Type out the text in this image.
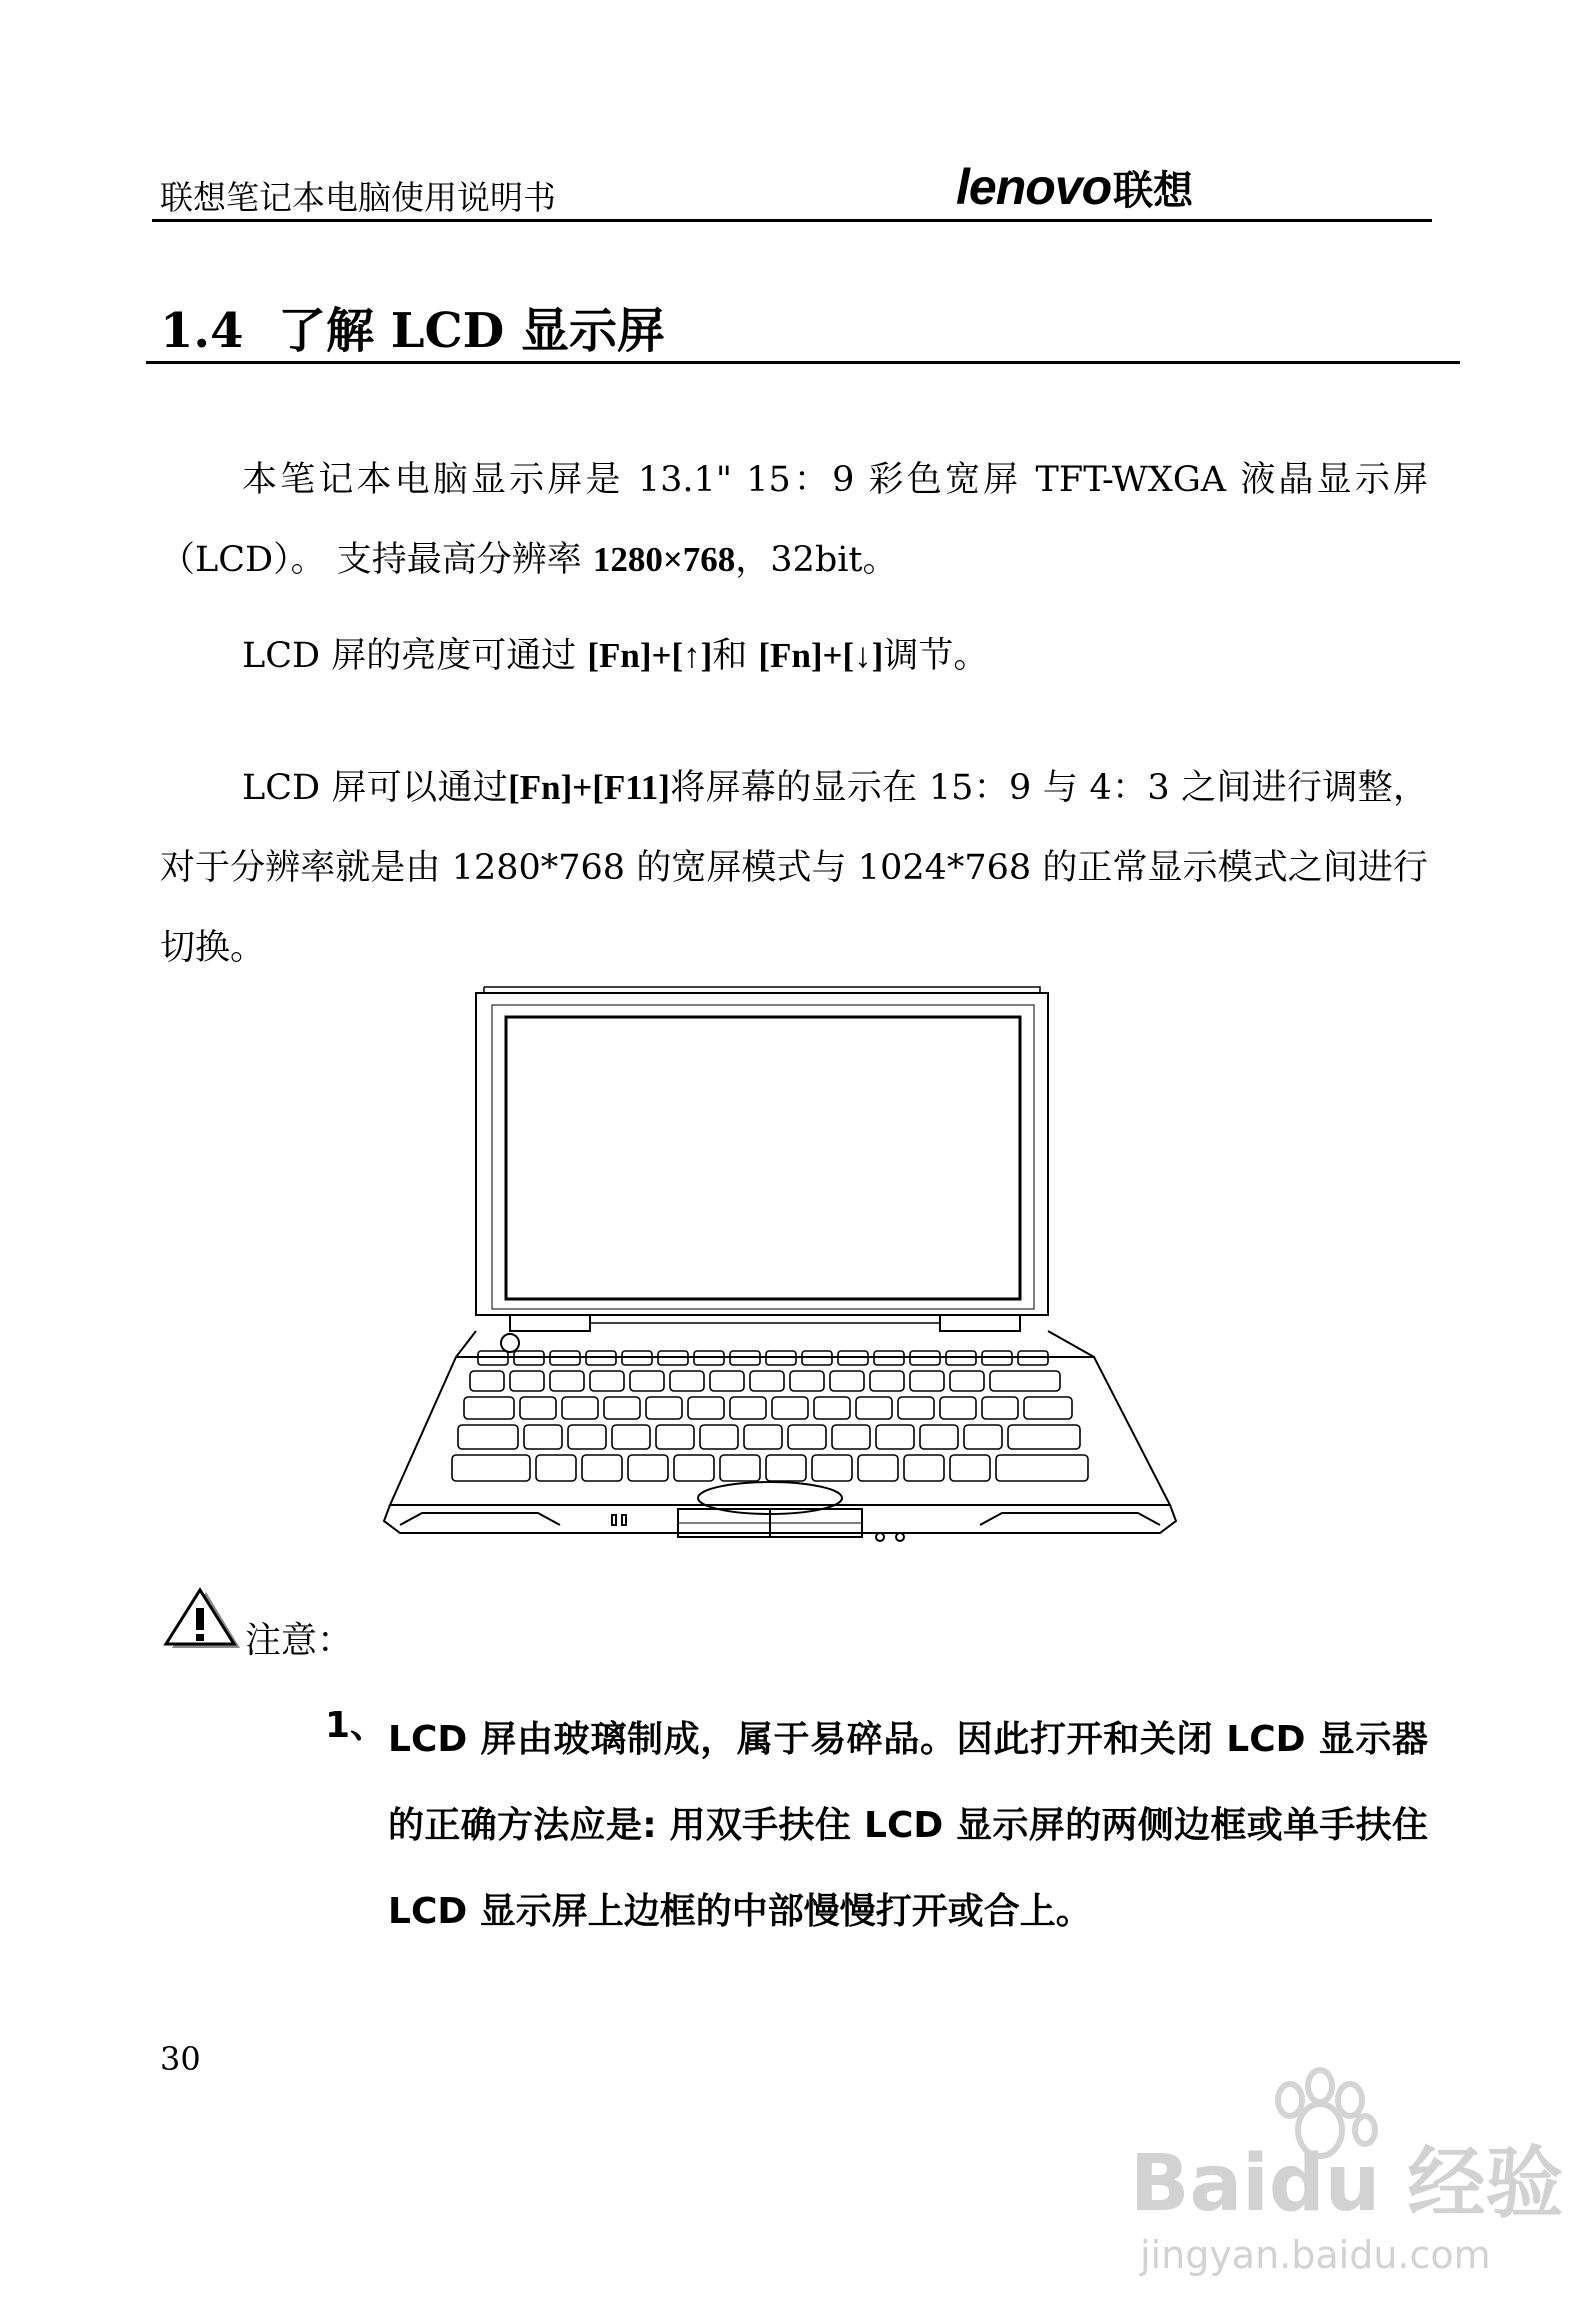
联想笔记本电脑使用说明书	lenovo联想
1.4 了解 LCD 显示屏
本笔记本电脑显示屏是 13.1" 15：9 彩色宽屏 TFT-WXGA 液晶显示屏（LCD）。 支持最高分辨率 1280×768，32bit。
LCD 屏的亮度可通过 [Fn]+[↑]和 [Fn]+[↓]调节。
LCD 屏可以通过[Fn]+[F11]将屏幕的显示在 15：9 与 4：3 之间进行调整，对于分辨率就是由 1280*768 的宽屏模式与 1024*768 的正常显示模式之间进行切换。
注意：
1、 LCD 屏由玻璃制成，属于易碎品。因此打开和关闭 LCD 显示器的正确方法应是: 用双手扶住 LCD 显示屏的两侧边框或单手扶住 LCD 显示屏上边框的中部慢慢打开或合上。
30
Baidu 经验
jingyan.baidu.com
